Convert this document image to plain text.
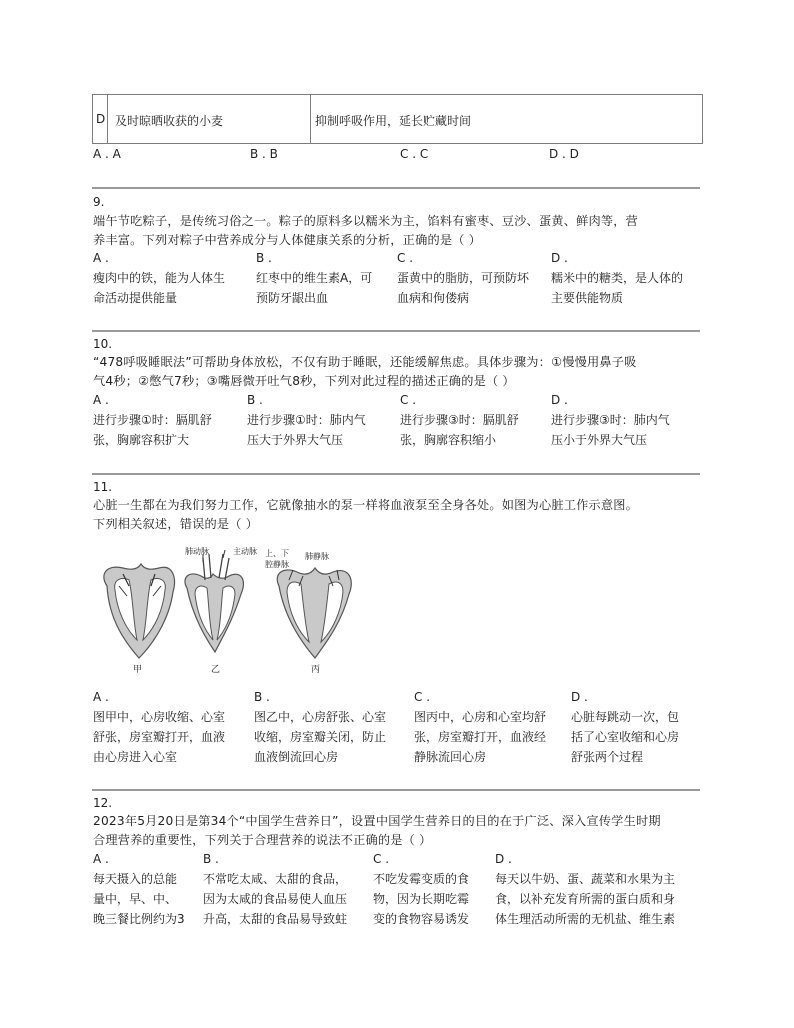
D 及时晾晒收获的小麦	抑制呼吸作用，延长贮藏时间
A . A	B . B	C . C	D . D
9.
端午节吃粽子，是传统习俗之一。粽子的原料多以糯米为主，馅料有蜜枣、豆沙、蛋黄、鲜肉等，营
养丰富。下列对粽子中营养成分与人体健康关系的分析，正确的是（ ）
A .
瘦肉中的铁，能为人体生
命活动提供能量
B .
红枣中的维生素A，可
预防牙龈出血
C .
蛋黄中的脂肪，可预防坏
血病和佝偻病
D .
糯米中的糖类，是人体的
主要供能物质
10.
“478呼吸睡眠法”可帮助身体放松，不仅有助于睡眠，还能缓解焦虑。具体步骤为：①慢慢用鼻子吸
气4秒；②憋气7秒；③嘴唇微开吐气8秒，下列对此过程的描述正确的是（ ）
A .
进行步骤①时：膈肌舒
张，胸廓容积扩大
B .
进行步骤①时：肺内气
压大于外界大气压
C .
进行步骤③时：膈肌舒
张，胸廓容积缩小
D .
进行步骤③时：肺内气
压小于外界大气压
11.
心脏一生都在为我们努力工作，它就像抽水的泵一样将血液泵至全身各处。如图为心脏工作示意图。
下列相关叙述，错误的是（ ）
肺动脉	主动脉 上、下
腔静脉
肺静脉
甲	乙	丙
A .
图甲中，心房收缩、心室
舒张，房室瓣打开，血液
由心房进入心室
B .
图乙中，心房舒张、心室
收缩，房室瓣关闭，防止
血液倒流回心房
C .
图丙中，心房和心室均舒
张，房室瓣打开，血液经
静脉流回心房
D .
心脏每跳动一次，包
括了心室收缩和心房
舒张两个过程
12.
2023年5月20日是第34个“中国学生营养日”，设置中国学生营养日的目的在于广泛、深入宣传学生时期
合理营养的重要性，下列关于合理营养的说法不正确的是（ ）
A .
每天摄入的总能
量中，早、中、
晚三餐比例约为3
B .
不常吃太咸、太甜的食品，
因为太咸的食品易使人血压
升高，太甜的食品易导致蛀
C .
不吃发霉变质的食
物，因为长期吃霉
变的食物容易诱发
D .
每天以牛奶、蛋、蔬菜和水果为主
食，以补充发育所需的蛋白质和身
体生理活动所需的无机盐、维生素
